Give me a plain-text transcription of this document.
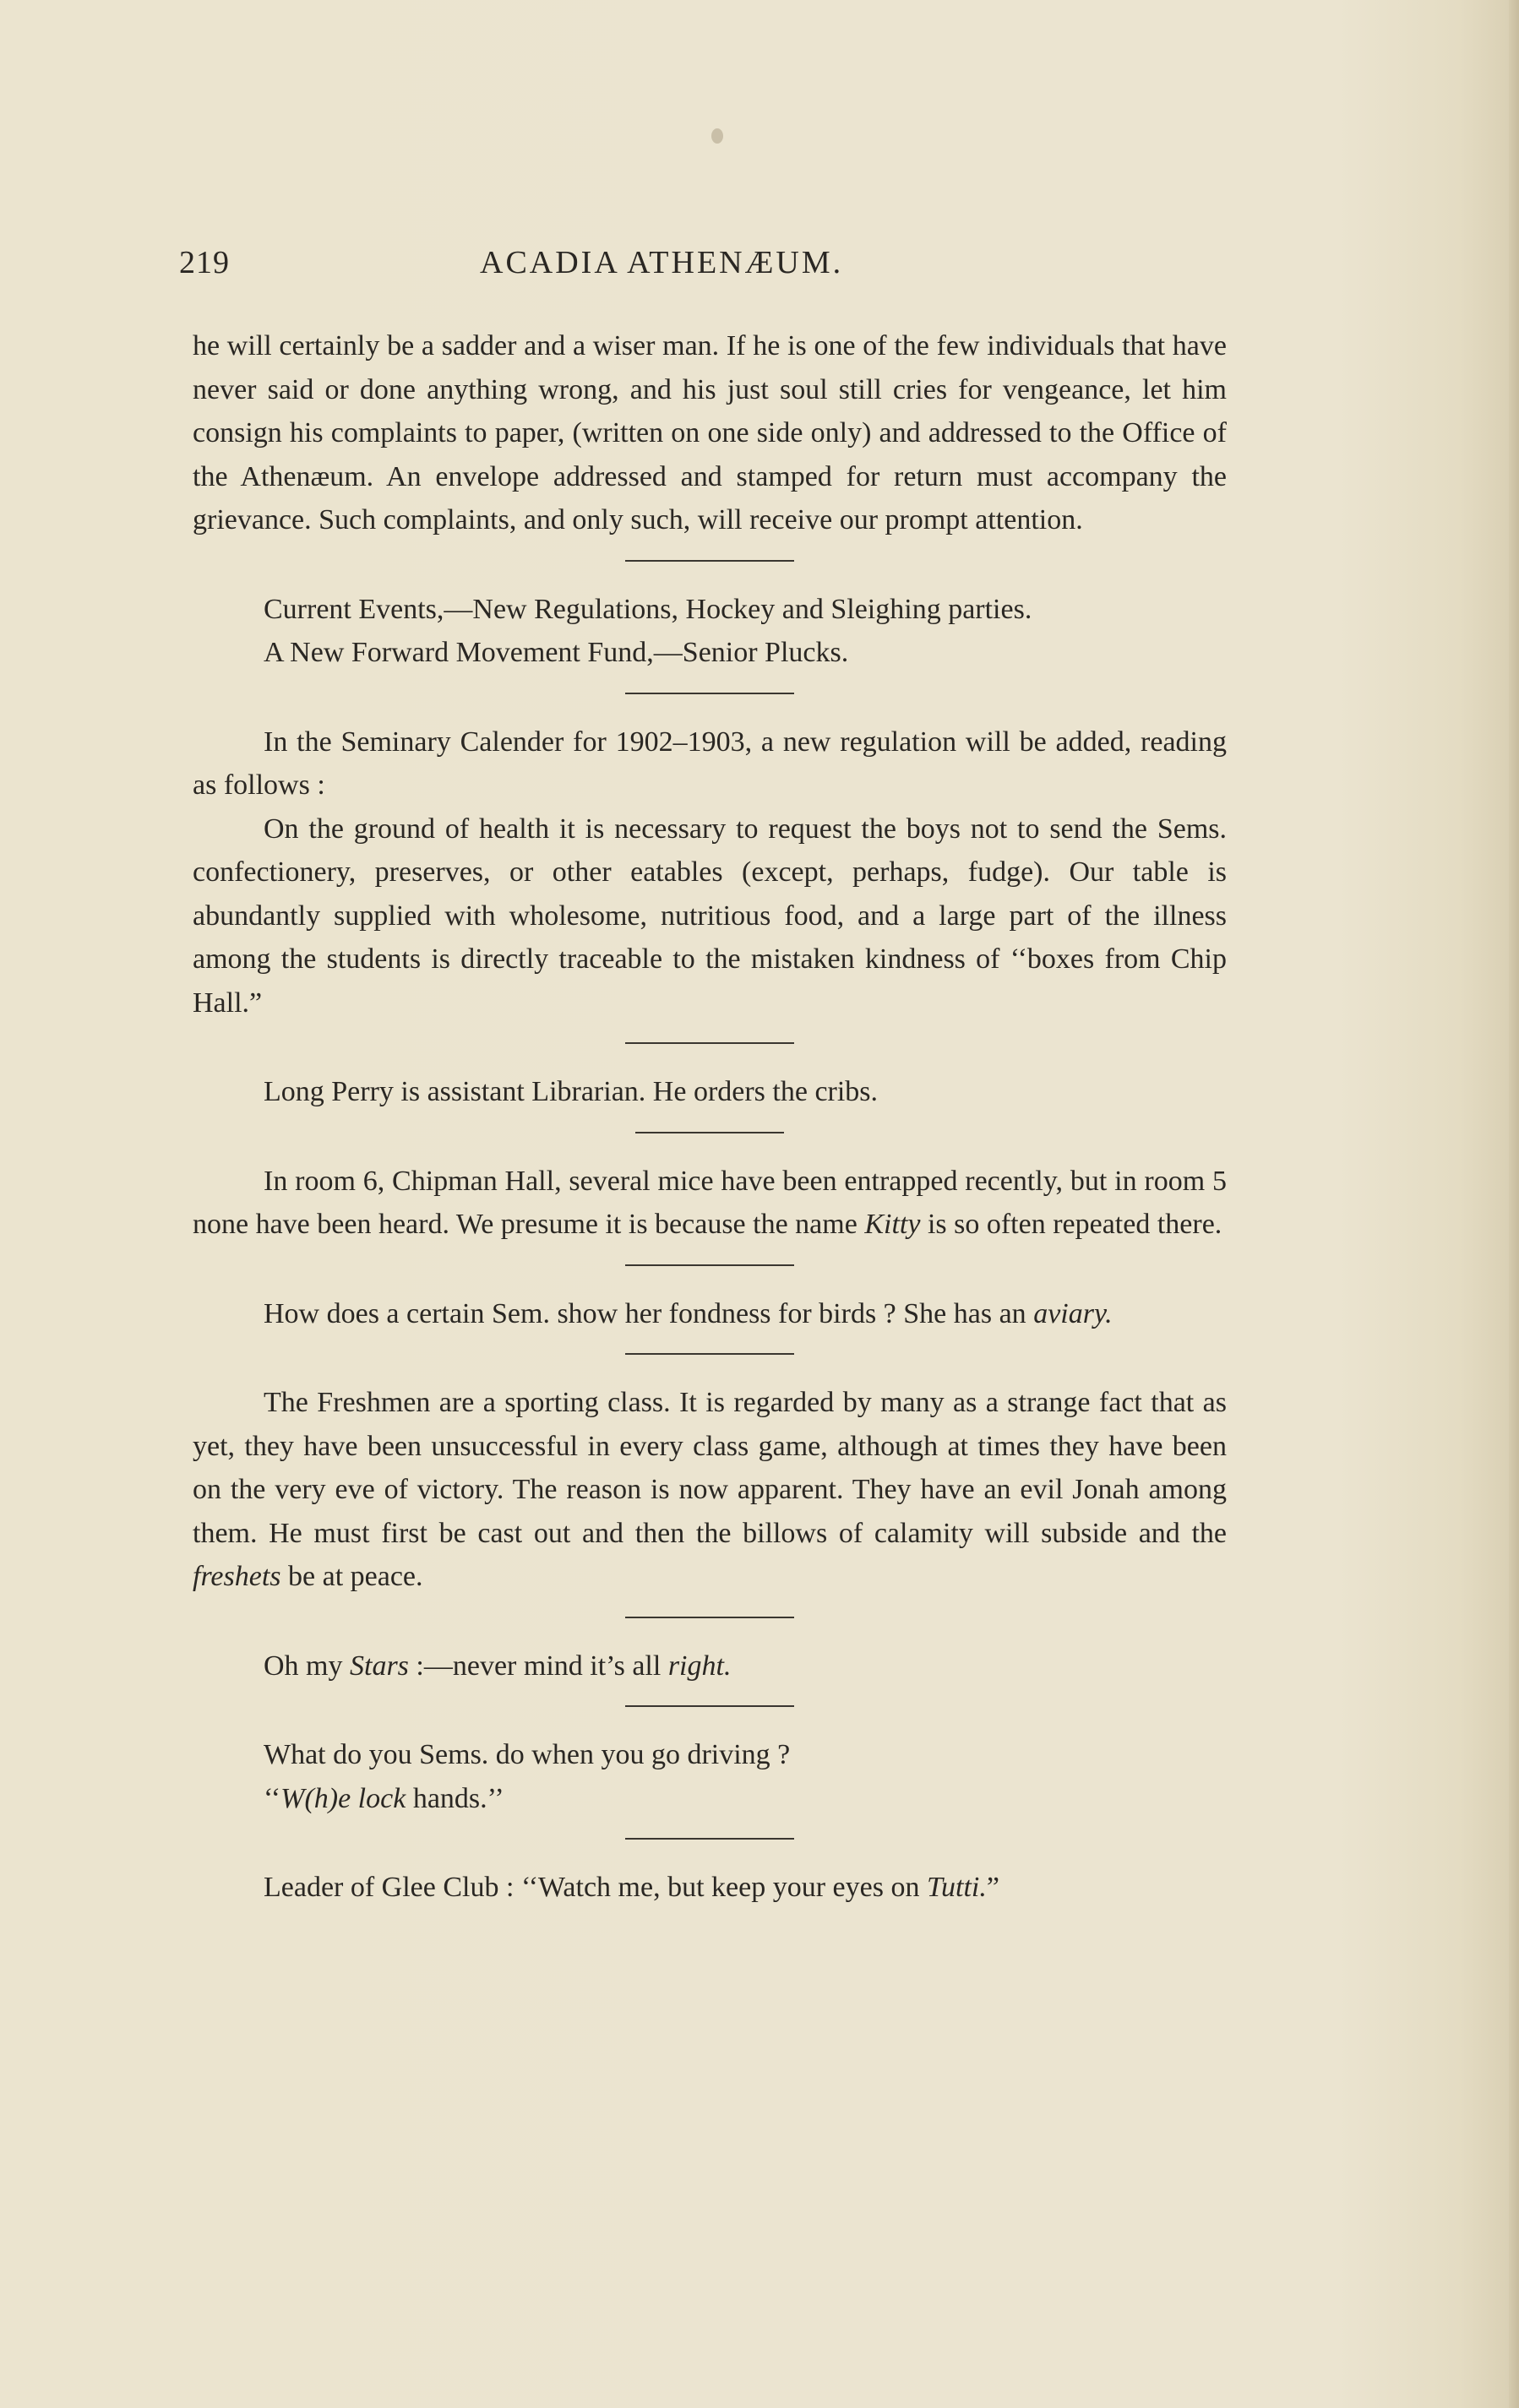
219	ACADIA ATHENÆUM.

he will certainly be a sadder and a wiser man. If he is one of the few individuals that have never said or done anything wrong, and his just soul still cries for vengeance, let him consign his complaints to paper, (written on one side only) and addressed to the Office of the Athenæum. An envelope addressed and stamped for return must accompany the grievance. Such complaints, and only such, will receive our prompt attention.

Current Events,—New Regulations, Hockey and Sleighing parties.

A New Forward Movement Fund,—Senior Plucks.

In the Seminary Calender for 1902–1903, a new regulation will be added, reading as follows :

On the ground of health it is necessary to request the boys not to send the Sems. confectionery, preserves, or other eatables (except, perhaps, fudge). Our table is abundantly supplied with wholesome, nutritious food, and a large part of the illness among the students is directly traceable to the mistaken kindness of ‘‘boxes from Chip Hall.”

Long Perry is assistant Librarian. He orders the cribs.

In room 6, Chipman Hall, several mice have been entrapped recently, but in room 5 none have been heard. We presume it is because the name Kitty is so often repeated there.

How does a certain Sem. show her fondness for birds ? She has an aviary.

The Freshmen are a sporting class. It is regarded by many as a strange fact that as yet, they have been unsuccessful in every class game, although at times they have been on the very eve of victory. The reason is now apparent. They have an evil Jonah among them. He must first be cast out and then the billows of calamity will subside and the freshets be at peace.

Oh my Stars :—never mind it’s all right.

What do you Sems. do when you go driving ?

‘‘W(h)e lock hands.’’

Leader of Glee Club : ‘‘Watch me, but keep your eyes on Tutti.”
